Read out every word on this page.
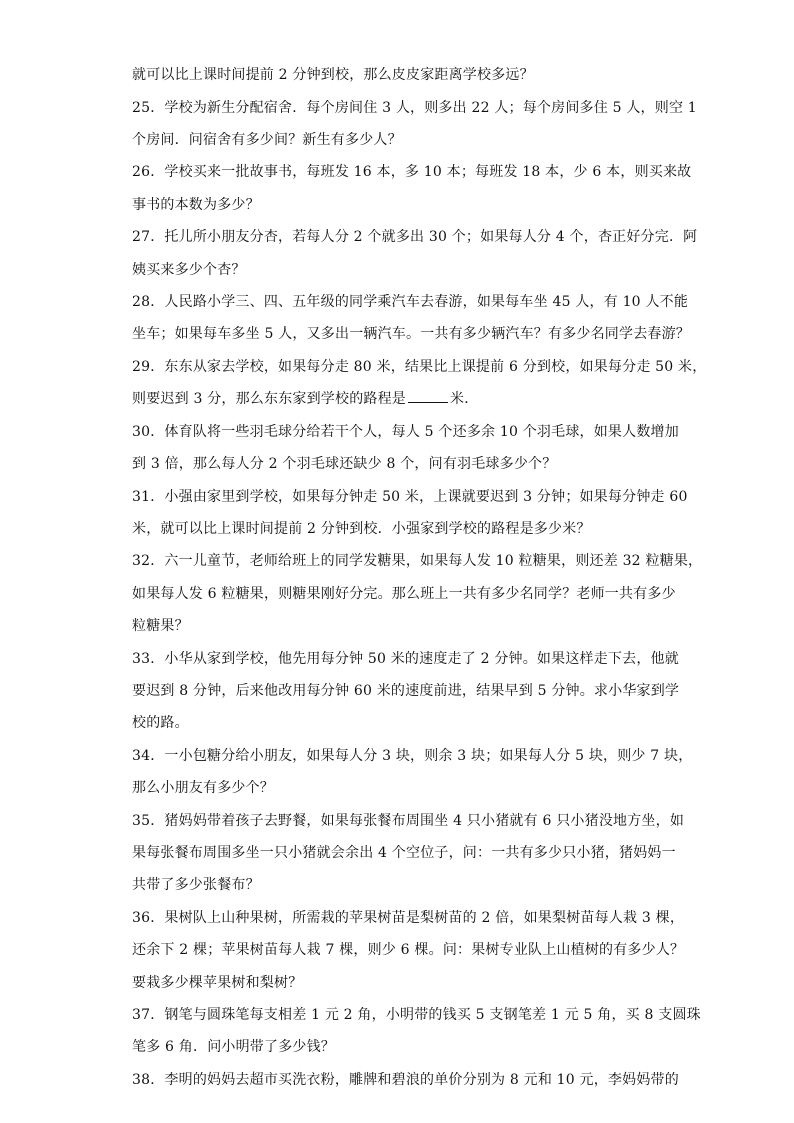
就可以比上课时间提前 2 分钟到校，那么皮皮家距离学校多远？
25．学校为新生分配宿舍．每个房间住 3 人，则多出 22 人；每个房间多住 5 人，则空 1
个房间．问宿舍有多少间？新生有多少人？
26．学校买来一批故事书，每班发 16 本，多 10 本；每班发 18 本，少 6 本，则买来故
事书的本数为多少？
27．托儿所小朋友分杏，若每人分 2 个就多出 30 个；如果每人分 4 个，杏正好分完．阿
姨买来多少个杏？
28．人民路小学三、四、五年级的同学乘汽车去春游，如果每车坐 45 人，有 10 人不能
坐车；如果每车多坐 5 人，又多出一辆汽车。一共有多少辆汽车？有多少名同学去春游？
29．东东从家去学校，如果每分走 80 米，结果比上课提前 6 分到校，如果每分走 50 米，
则要迟到 3 分，那么东东家到学校的路程是	米．
30．体育队将一些羽毛球分给若干个人，每人 5 个还多余 10 个羽毛球，如果人数增加
到 3 倍，那么每人分 2 个羽毛球还缺少 8 个，问有羽毛球多少个？
31．小强由家里到学校，如果每分钟走 50 米，上课就要迟到 3 分钟；如果每分钟走 60
米，就可以比上课时间提前 2 分钟到校．小强家到学校的路程是多少米？
32．六一儿童节，老师给班上的同学发糖果，如果每人发 10 粒糖果，则还差 32 粒糖果，
如果每人发 6 粒糖果，则糖果刚好分完。那么班上一共有多少名同学？老师一共有多少
粒糖果？
33．小华从家到学校，他先用每分钟 50 米的速度走了 2 分钟。如果这样走下去，他就
要迟到 8 分钟，后来他改用每分钟 60 米的速度前进，结果早到 5 分钟。求小华家到学
校的路。
34．一小包糖分给小朋友，如果每人分 3 块，则余 3 块；如果每人分 5 块，则少 7 块，
那么小朋友有多少个？
35．猪妈妈带着孩子去野餐，如果每张餐布周围坐 4 只小猪就有 6 只小猪没地方坐，如
果每张餐布周围多坐一只小猪就会余出 4 个空位子，问：一共有多少只小猪，猪妈妈一
共带了多少张餐布？
36．果树队上山种果树，所需栽的苹果树苗是梨树苗的 2 倍，如果梨树苗每人栽 3 棵，
还余下 2 棵；苹果树苗每人栽 7 棵，则少 6 棵。问：果树专业队上山植树的有多少人？
要栽多少棵苹果树和梨树？
37．钢笔与圆珠笔每支相差 1 元 2 角，小明带的钱买 5 支钢笔差 1 元 5 角，买 8 支圆珠
笔多 6 角．问小明带了多少钱？
38．李明的妈妈去超市买洗衣粉，雕牌和碧浪的单价分别为 8 元和 10 元，李妈妈带的
